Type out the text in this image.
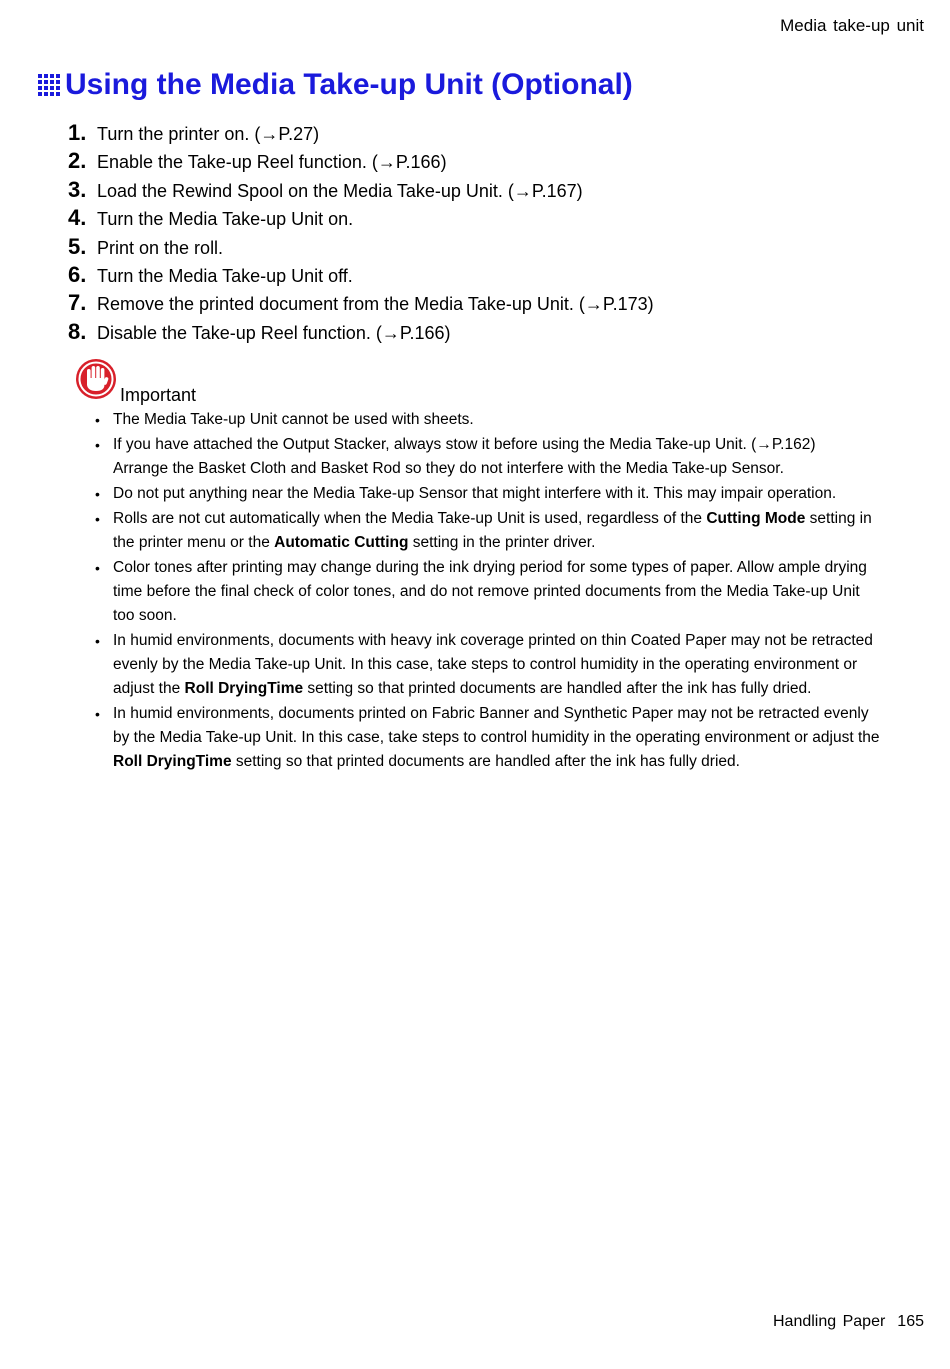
Media take-up unit
Using the Media Take-up Unit (Optional)
1. Turn the printer on. (→P.27)
2. Enable the Take-up Reel function. (→P.166)
3. Load the Rewind Spool on the Media Take-up Unit. (→P.167)
4. Turn the Media Take-up Unit on.
5. Print on the roll.
6. Turn the Media Take-up Unit off.
7. Remove the printed document from the Media Take-up Unit. (→P.173)
8. Disable the Take-up Reel function. (→P.166)
Important
• The Media Take-up Unit cannot be used with sheets.
• If you have attached the Output Stacker, always stow it before using the Media Take-up Unit. (→P.162)
Arrange the Basket Cloth and Basket Rod so they do not interfere with the Media Take-up Sensor.
• Do not put anything near the Media Take-up Sensor that might interfere with it. This may impair operation.
• Rolls are not cut automatically when the Media Take-up Unit is used, regardless of the Cutting Mode setting in the printer menu or the Automatic Cutting setting in the printer driver.
• Color tones after printing may change during the ink drying period for some types of paper. Allow ample drying time before the final check of color tones, and do not remove printed documents from the Media Take-up Unit too soon.
• In humid environments, documents with heavy ink coverage printed on thin Coated Paper may not be retracted evenly by the Media Take-up Unit. In this case, take steps to control humidity in the operating environment or adjust the Roll DryingTime setting so that printed documents are handled after the ink has fully dried.
• In humid environments, documents printed on Fabric Banner and Synthetic Paper may not be retracted evenly by the Media Take-up Unit. In this case, take steps to control humidity in the operating environment or adjust the Roll DryingTime setting so that printed documents are handled after the ink has fully dried.
Handling Paper 165
